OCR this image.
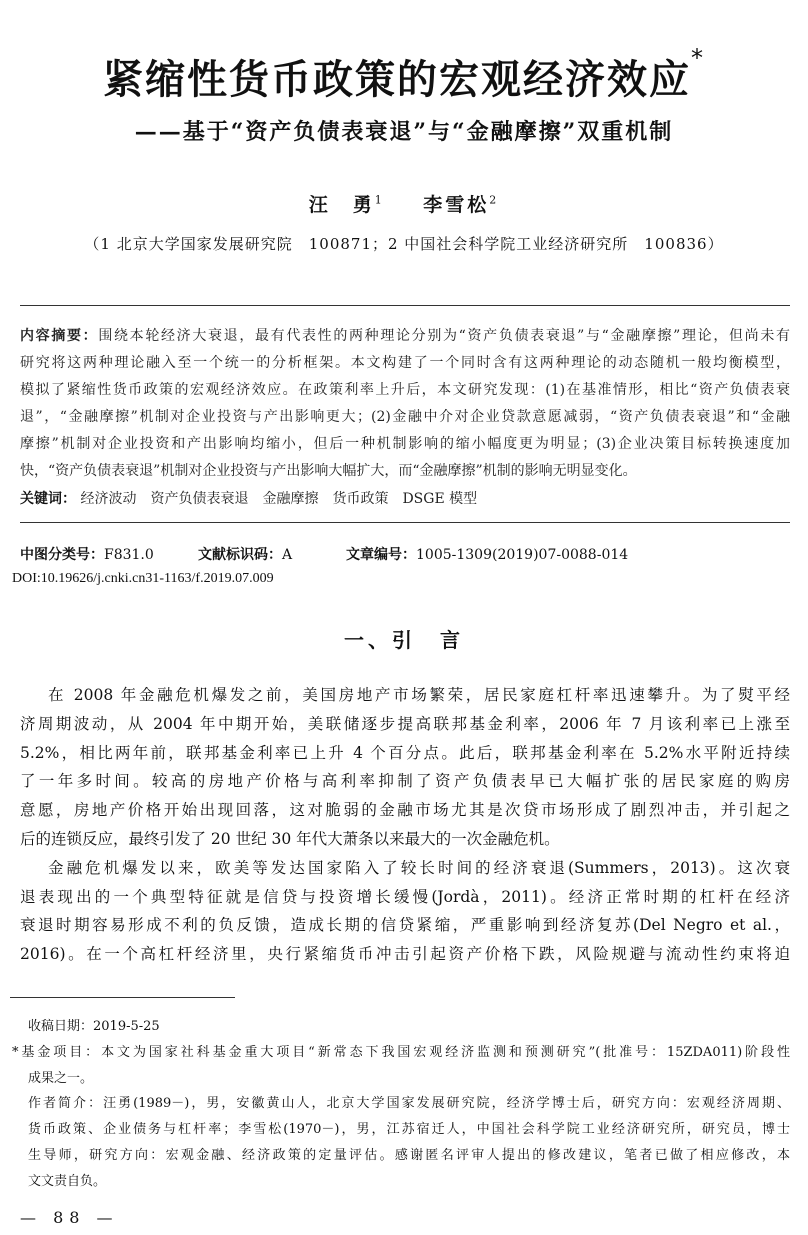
紧缩性货币政策的宏观经济效应*
——基于“资产负债表衰退”与“金融摩擦”双重机制
汪　勇$^1$ 李雪松$^2$
（1 北京大学国家发展研究院　100871；2 中国社会科学院工业经济研究所　100836）
内容摘要：围绕本轮经济大衰退，最有代表性的两种理论分别为“资产负债表衰退”与“金融摩擦”理论，但尚未有
研究将这两种理论融入至一个统一的分析框架。本文构建了一个同时含有这两种理论的动态随机一般均衡模型，
模拟了紧缩性货币政策的宏观经济效应。在政策利率上升后，本文研究发现：(1)在基准情形，相比“资产负债表衰
退”，“金融摩擦”机制对企业投资与产出影响更大；(2)金融中介对企业贷款意愿减弱，“资产负债表衰退”和“金融
摩擦”机制对企业投资和产出影响均缩小，但后一种机制影响的缩小幅度更为明显；(3)企业决策目标转换速度加
快，“资产负债表衰退”机制对企业投资与产出影响大幅扩大，而“金融摩擦”机制的影响无明显变化。
关键词： 经济波动 资产负债表衰退 金融摩擦 货币政策 DSGE 模型
中图分类号：F831.0	文献标识码：A	文章编号：1005-1309(2019)07-0088-014
DOI:10.19626/j.cnki.cn31-1163/f.2019.07.009
一、引　言
在 2008 年金融危机爆发之前，美国房地产市场繁荣，居民家庭杠杆率迅速攀升。为了熨平经
济周期波动，从 2004 年中期开始，美联储逐步提高联邦基金利率，2006 年 7 月该利率已上涨至
5.2%，相比两年前，联邦基金利率已上升 4 个百分点。此后，联邦基金利率在 5.2%水平附近持续
了一年多时间。较高的房地产价格与高利率抑制了资产负债表早已大幅扩张的居民家庭的购房
意愿，房地产价格开始出现回落，这对脆弱的金融市场尤其是次贷市场形成了剧烈冲击，并引起之
后的连锁反应，最终引发了 20 世纪 30 年代大萧条以来最大的一次金融危机。
金融危机爆发以来，欧美等发达国家陷入了较长时间的经济衰退(Summers，2013)。这次衰
退表现出的一个典型特征就是信贷与投资增长缓慢(Jordà，2011)。经济正常时期的杠杆在经济
衰退时期容易形成不利的负反馈，造成长期的信贷紧缩，严重影响到经济复苏(Del Negro et al.，
2016)。在一个高杠杆经济里，央行紧缩货币冲击引起资产价格下跌，风险规避与流动性约束将迫
收稿日期：2019-5-25
*基金项目：本文为国家社科基金重大项目“新常态下我国宏观经济监测和预测研究”(批准号：15ZDA011)阶段性
成果之一。
作者简介：汪勇(1989－)，男，安徽黄山人，北京大学国家发展研究院，经济学博士后，研究方向：宏观经济周期、
货币政策、企业债务与杠杆率；李雪松(1970－)，男，江苏宿迁人，中国社会科学院工业经济研究所，研究员，博士
生导师，研究方向：宏观金融、经济政策的定量评估。感谢匿名评审人提出的修改建议，笔者已做了相应修改，本
文文责自负。
— 88 —
